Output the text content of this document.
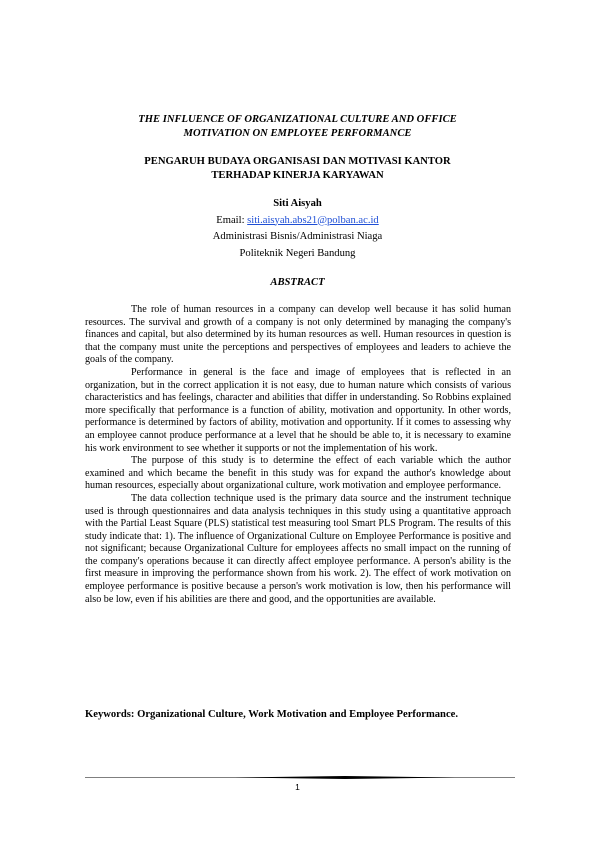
THE INFLUENCE OF ORGANIZATIONAL CULTURE AND OFFICE
MOTIVATION ON EMPLOYEE PERFORMANCE
PENGARUH BUDAYA ORGANISASI DAN MOTIVASI KANTOR
TERHADAP KINERJA KARYAWAN
Siti Aisyah
Email: siti.aisyah.abs21@polban.ac.id
Administrasi Bisnis/Administrasi Niaga
Politeknik Negeri Bandung
ABSTRACT

The role of human resources in a company can develop well because it has solid human resources. The survival and growth of a company is not only determined by managing the company's finances and capital, but also determined by its human resources as well. Human resources in question is that the company must unite the perceptions and perspectives of employees and leaders to achieve the goals of the company.

Performance in general is the face and image of employees that is reflected in an organization, but in the correct application it is not easy, due to human nature which consists of various characteristics and has feelings, character and abilities that differ in understanding. So Robbins explained more specifically that performance is a function of ability, motivation and opportunity. In other words, performance is determined by factors of ability, motivation and opportunity. If it comes to assessing why an employee cannot produce performance at a level that he should be able to, it is necessary to examine his work environment to see whether it supports or not the implementation of his work.

The purpose of this study is to determine the effect of each variable which the author examined and which became the benefit in this study was for expand the author's knowledge about human resources, especially about organizational culture, work motivation and employee performance.

The data collection technique used is the primary data source and the instrument technique used is through questionnaires and data analysis techniques in this study using a quantitative approach with the Partial Least Square (PLS) statistical test measuring tool Smart PLS Program. The results of this study indicate that: 1). The influence of Organizational Culture on Employee Performance is positive and not significant; because Organizational Culture for employees affects no small impact on the running of the company's operations because it can directly affect employee performance. A person's ability is the first measure in improving the performance shown from his work. 2). The effect of work motivation on employee performance is positive because a person's work motivation is low, then his performance will also be low, even if his abilities are there and good, and the opportunities are available.

Keywords: Organizational Culture, Work Motivation and Employee Performance.
1
